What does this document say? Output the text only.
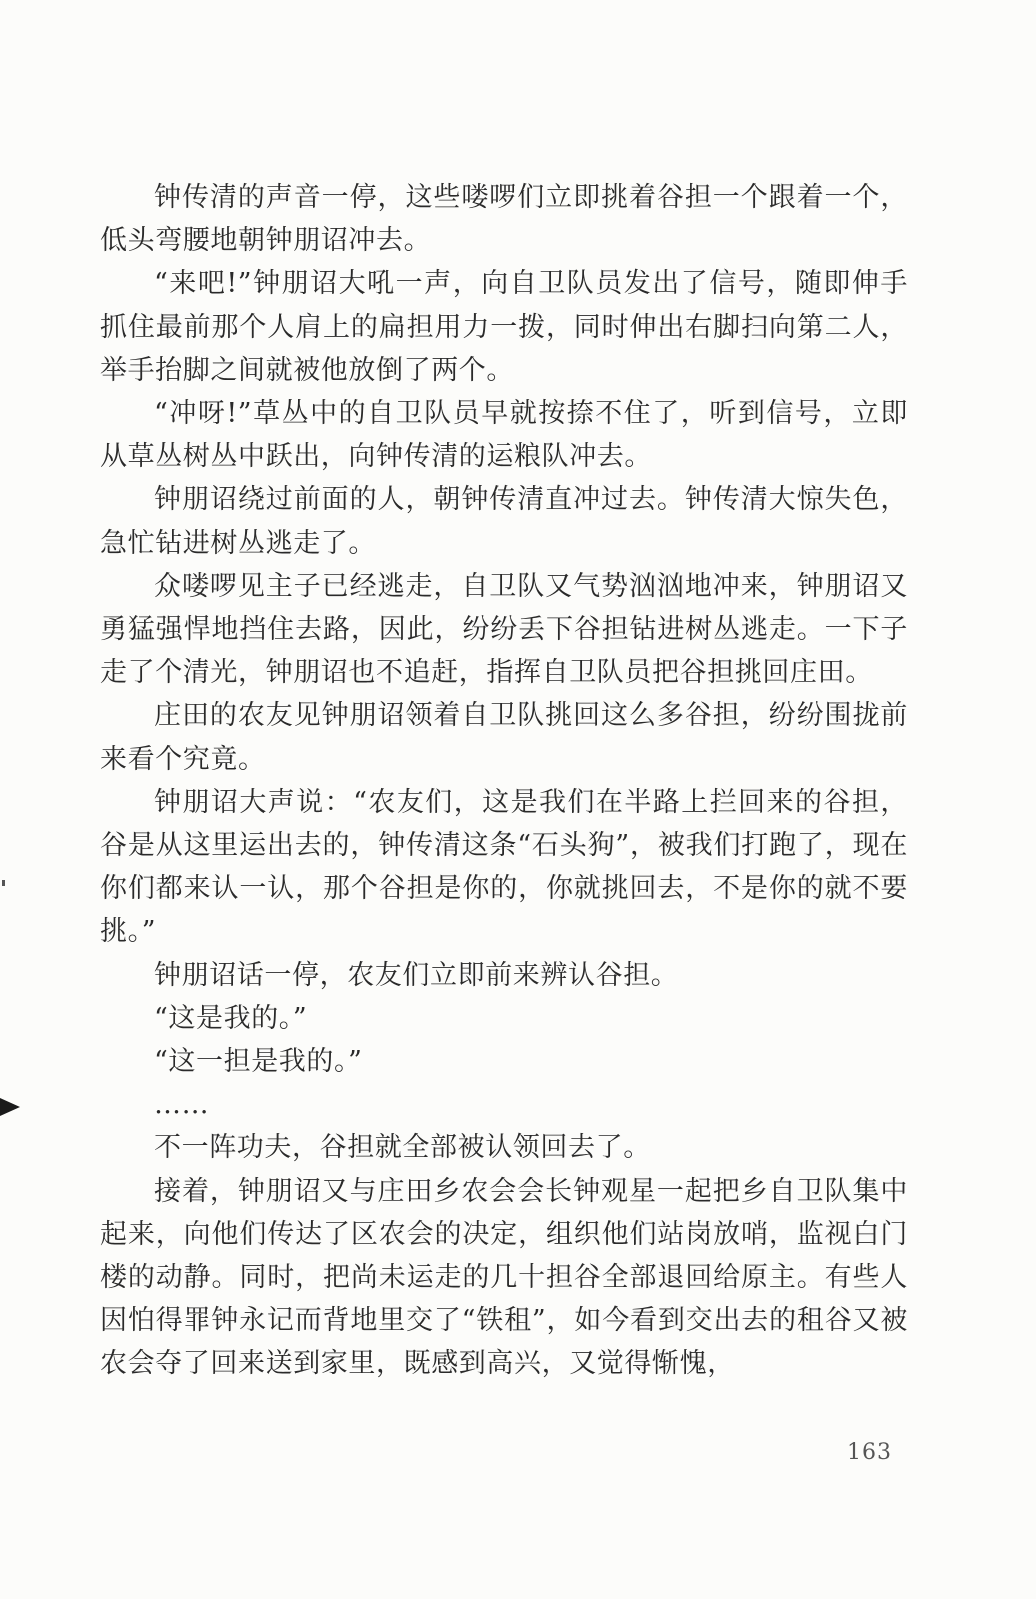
钟传清的声音一停，这些喽啰们立即挑着谷担一个跟着一个，低头弯腰地朝钟朋诏冲去。

“来吧!”钟朋诏大吼一声，向自卫队员发出了信号，随即伸手抓住最前那个人肩上的扁担用力一拨，同时伸出右脚扫向第二人，举手抬脚之间就被他放倒了两个。

“冲呀!”草丛中的自卫队员早就按捺不住了，听到信号，立即从草丛树丛中跃出，向钟传清的运粮队冲去。

钟朋诏绕过前面的人，朝钟传清直冲过去。钟传清大惊失色，急忙钻进树丛逃走了。

众喽啰见主子已经逃走，自卫队又气势汹汹地冲来，钟朋诏又勇猛强悍地挡住去路，因此，纷纷丢下谷担钻进树丛逃走。一下子走了个清光，钟朋诏也不追赶，指挥自卫队员把谷担挑回庄田。

庄田的农友见钟朋诏领着自卫队挑回这么多谷担，纷纷围拢前来看个究竟。

钟朋诏大声说：“农友们，这是我们在半路上拦回来的谷担，谷是从这里运出去的，钟传清这条“石头狗”，被我们打跑了，现在你们都来认一认，那个谷担是你的，你就挑回去，不是你的就不要挑。”

钟朋诏话一停，农友们立即前来辨认谷担。

“这是我的。”

“这一担是我的。”

……

不一阵功夫，谷担就全部被认领回去了。

接着，钟朋诏又与庄田乡农会会长钟观星一起把乡自卫队集中起来，向他们传达了区农会的决定，组织他们站岗放哨，监视白门楼的动静。同时，把尚未运走的几十担谷全部退回给原主。有些人因怕得罪钟永记而背地里交了“铁租”，如今看到交出去的租谷又被农会夺了回来送到家里，既感到高兴，又觉得惭愧，

163
